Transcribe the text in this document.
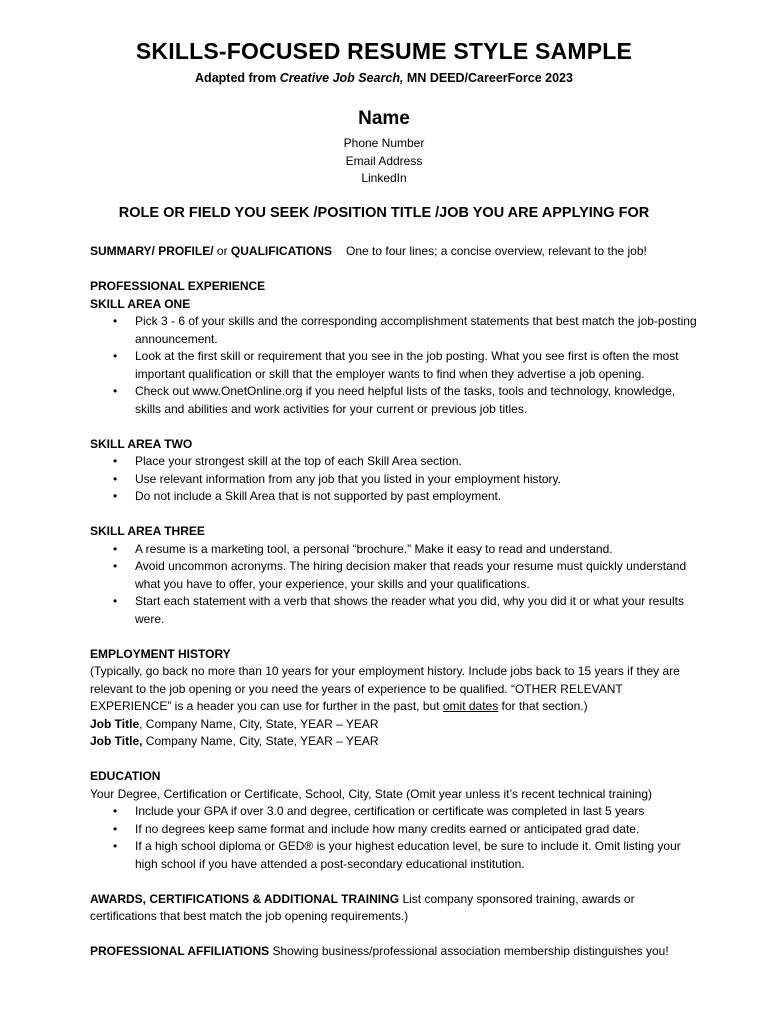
SKILLS-FOCUSED RESUME STYLE SAMPLE
Adapted from Creative Job Search, MN DEED/CareerForce 2023
Name
Phone Number
Email Address
LinkedIn
ROLE OR FIELD YOU SEEK /POSITION TITLE /JOB YOU ARE APPLYING FOR

SUMMARY/ PROFILE/ or QUALIFICATIONS One to four lines; a concise overview, relevant to the job!

PROFESSIONAL EXPERIENCE

SKILL AREA ONE

• Pick 3 - 6 of your skills and the corresponding accomplishment statements that best match the job-posting announcement.
• Look at the first skill or requirement that you see in the job posting. What you see first is often the most important qualification or skill that the employer wants to find when they advertise a job opening.
• Check out www.OnetOnline.org if you need helpful lists of the tasks, tools and technology, knowledge, skills and abilities and work activities for your current or previous job titles.

SKILL AREA TWO

• Place your strongest skill at the top of each Skill Area section.
• Use relevant information from any job that you listed in your employment history.
• Do not include a Skill Area that is not supported by past employment.

SKILL AREA THREE

• A resume is a marketing tool, a personal “brochure.” Make it easy to read and understand.
• Avoid uncommon acronyms. The hiring decision maker that reads your resume must quickly understand what you have to offer, your experience, your skills and your qualifications.
• Start each statement with a verb that shows the reader what you did, why you did it or what your results were.

EMPLOYMENT HISTORY

(Typically, go back no more than 10 years for your employment history. Include jobs back to 15 years if they are relevant to the job opening or you need the years of experience to be qualified. “OTHER RELEVANT EXPERIENCE” is a header you can use for further in the past, but omit dates for that section.)

Job Title, Company Name, City, State, YEAR – YEAR

Job Title, Company Name, City, State, YEAR – YEAR

EDUCATION

Your Degree, Certification or Certificate, School, City, State (Omit year unless it’s recent technical training)

• Include your GPA if over 3.0 and degree, certification or certificate was completed in last 5 years
• If no degrees keep same format and include how many credits earned or anticipated grad date.
• If a high school diploma or GED® is your highest education level, be sure to include it. Omit listing your high school if you have attended a post-secondary educational institution.

AWARDS, CERTIFICATIONS & ADDITIONAL TRAINING List company sponsored training, awards or certifications that best match the job opening requirements.)

PROFESSIONAL AFFILIATIONS Showing business/professional association membership distinguishes you!
